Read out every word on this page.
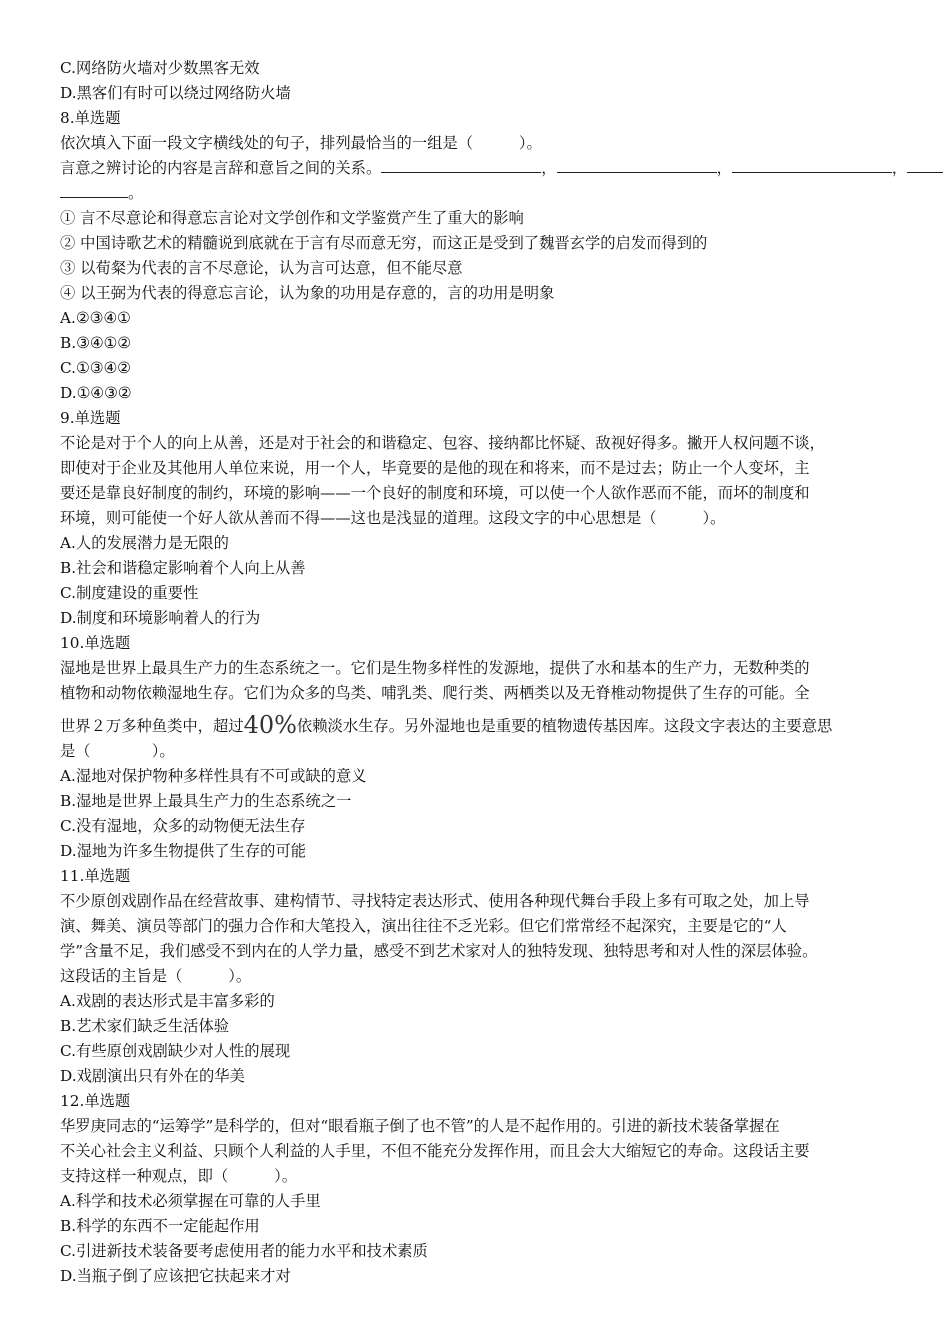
C.网络防火墙对少数黑客无效
D.黑客们有时可以绕过网络防火墙
8.单选题
依次填入下面一段文字横线处的句子，排列最恰当的一组是（　　　）。
言意之辨讨论的内容是言辞和意旨之间的关系。	，	，	，
。
① 言不尽意论和得意忘言论对文学创作和文学鉴赏产生了重大的影响
② 中国诗歌艺术的精髓说到底就在于言有尽而意无穷，而这正是受到了魏晋玄学的启发而得到的
③ 以荀粲为代表的言不尽意论，认为言可达意，但不能尽意
④ 以王弼为代表的得意忘言论，认为象的功用是存意的，言的功用是明象
A.②③④①
B.③④①②
C.①③④②
D.①④③②
9.单选题
不论是对于个人的向上从善，还是对于社会的和谐稳定、包容、接纳都比怀疑、敌视好得多。撇开人权问题不谈，
即使对于企业及其他用人单位来说，用一个人，毕竟要的是他的现在和将来，而不是过去；防止一个人变坏，主
要还是靠良好制度的制约，环境的影响——一个良好的制度和环境，可以使一个人欲作恶而不能，而坏的制度和
环境，则可能使一个好人欲从善而不得——这也是浅显的道理。这段文字的中心思想是（　　　）。
A.人的发展潜力是无限的
B.社会和谐稳定影响着个人向上从善
C.制度建设的重要性
D.制度和环境影响着人的行为
10.单选题
湿地是世界上最具生产力的生态系统之一。它们是生物多样性的发源地，提供了水和基本的生产力，无数种类的
植物和动物依赖湿地生存。它们为众多的鸟类、哺乳类、爬行类、两栖类以及无脊椎动物提供了生存的可能。全
世界２万多种鱼类中，超过40%依赖淡水生存。另外湿地也是重要的植物遗传基因库。这段文字表达的主要意思
是（　　　　）。
A.湿地对保护物种多样性具有不可或缺的意义
B.湿地是世界上最具生产力的生态系统之一
C.没有湿地，众多的动物便无法生存
D.湿地为许多生物提供了生存的可能
11.单选题
不少原创戏剧作品在经营故事、建构情节、寻找特定表达形式、使用各种现代舞台手段上多有可取之处，加上导
演、舞美、演员等部门的强力合作和大笔投入，演出往往不乏光彩。但它们常常经不起深究，主要是它的“人
学”含量不足，我们感受不到内在的人学力量，感受不到艺术家对人的独特发现、独特思考和对人性的深层体验。
这段话的主旨是（　　　）。
A.戏剧的表达形式是丰富多彩的
B.艺术家们缺乏生活体验
C.有些原创戏剧缺少对人性的展现
D.戏剧演出只有外在的华美
12.单选题
华罗庚同志的“运筹学”是科学的，但对“眼看瓶子倒了也不管”的人是不起作用的。引进的新技术装备掌握在
不关心社会主义利益、只顾个人利益的人手里，不但不能充分发挥作用，而且会大大缩短它的寿命。这段话主要
支持这样一种观点，即（　　　）。
A.科学和技术必须掌握在可靠的人手里
B.科学的东西不一定能起作用
C.引进新技术装备要考虑使用者的能力水平和技术素质
D.当瓶子倒了应该把它扶起来才对
